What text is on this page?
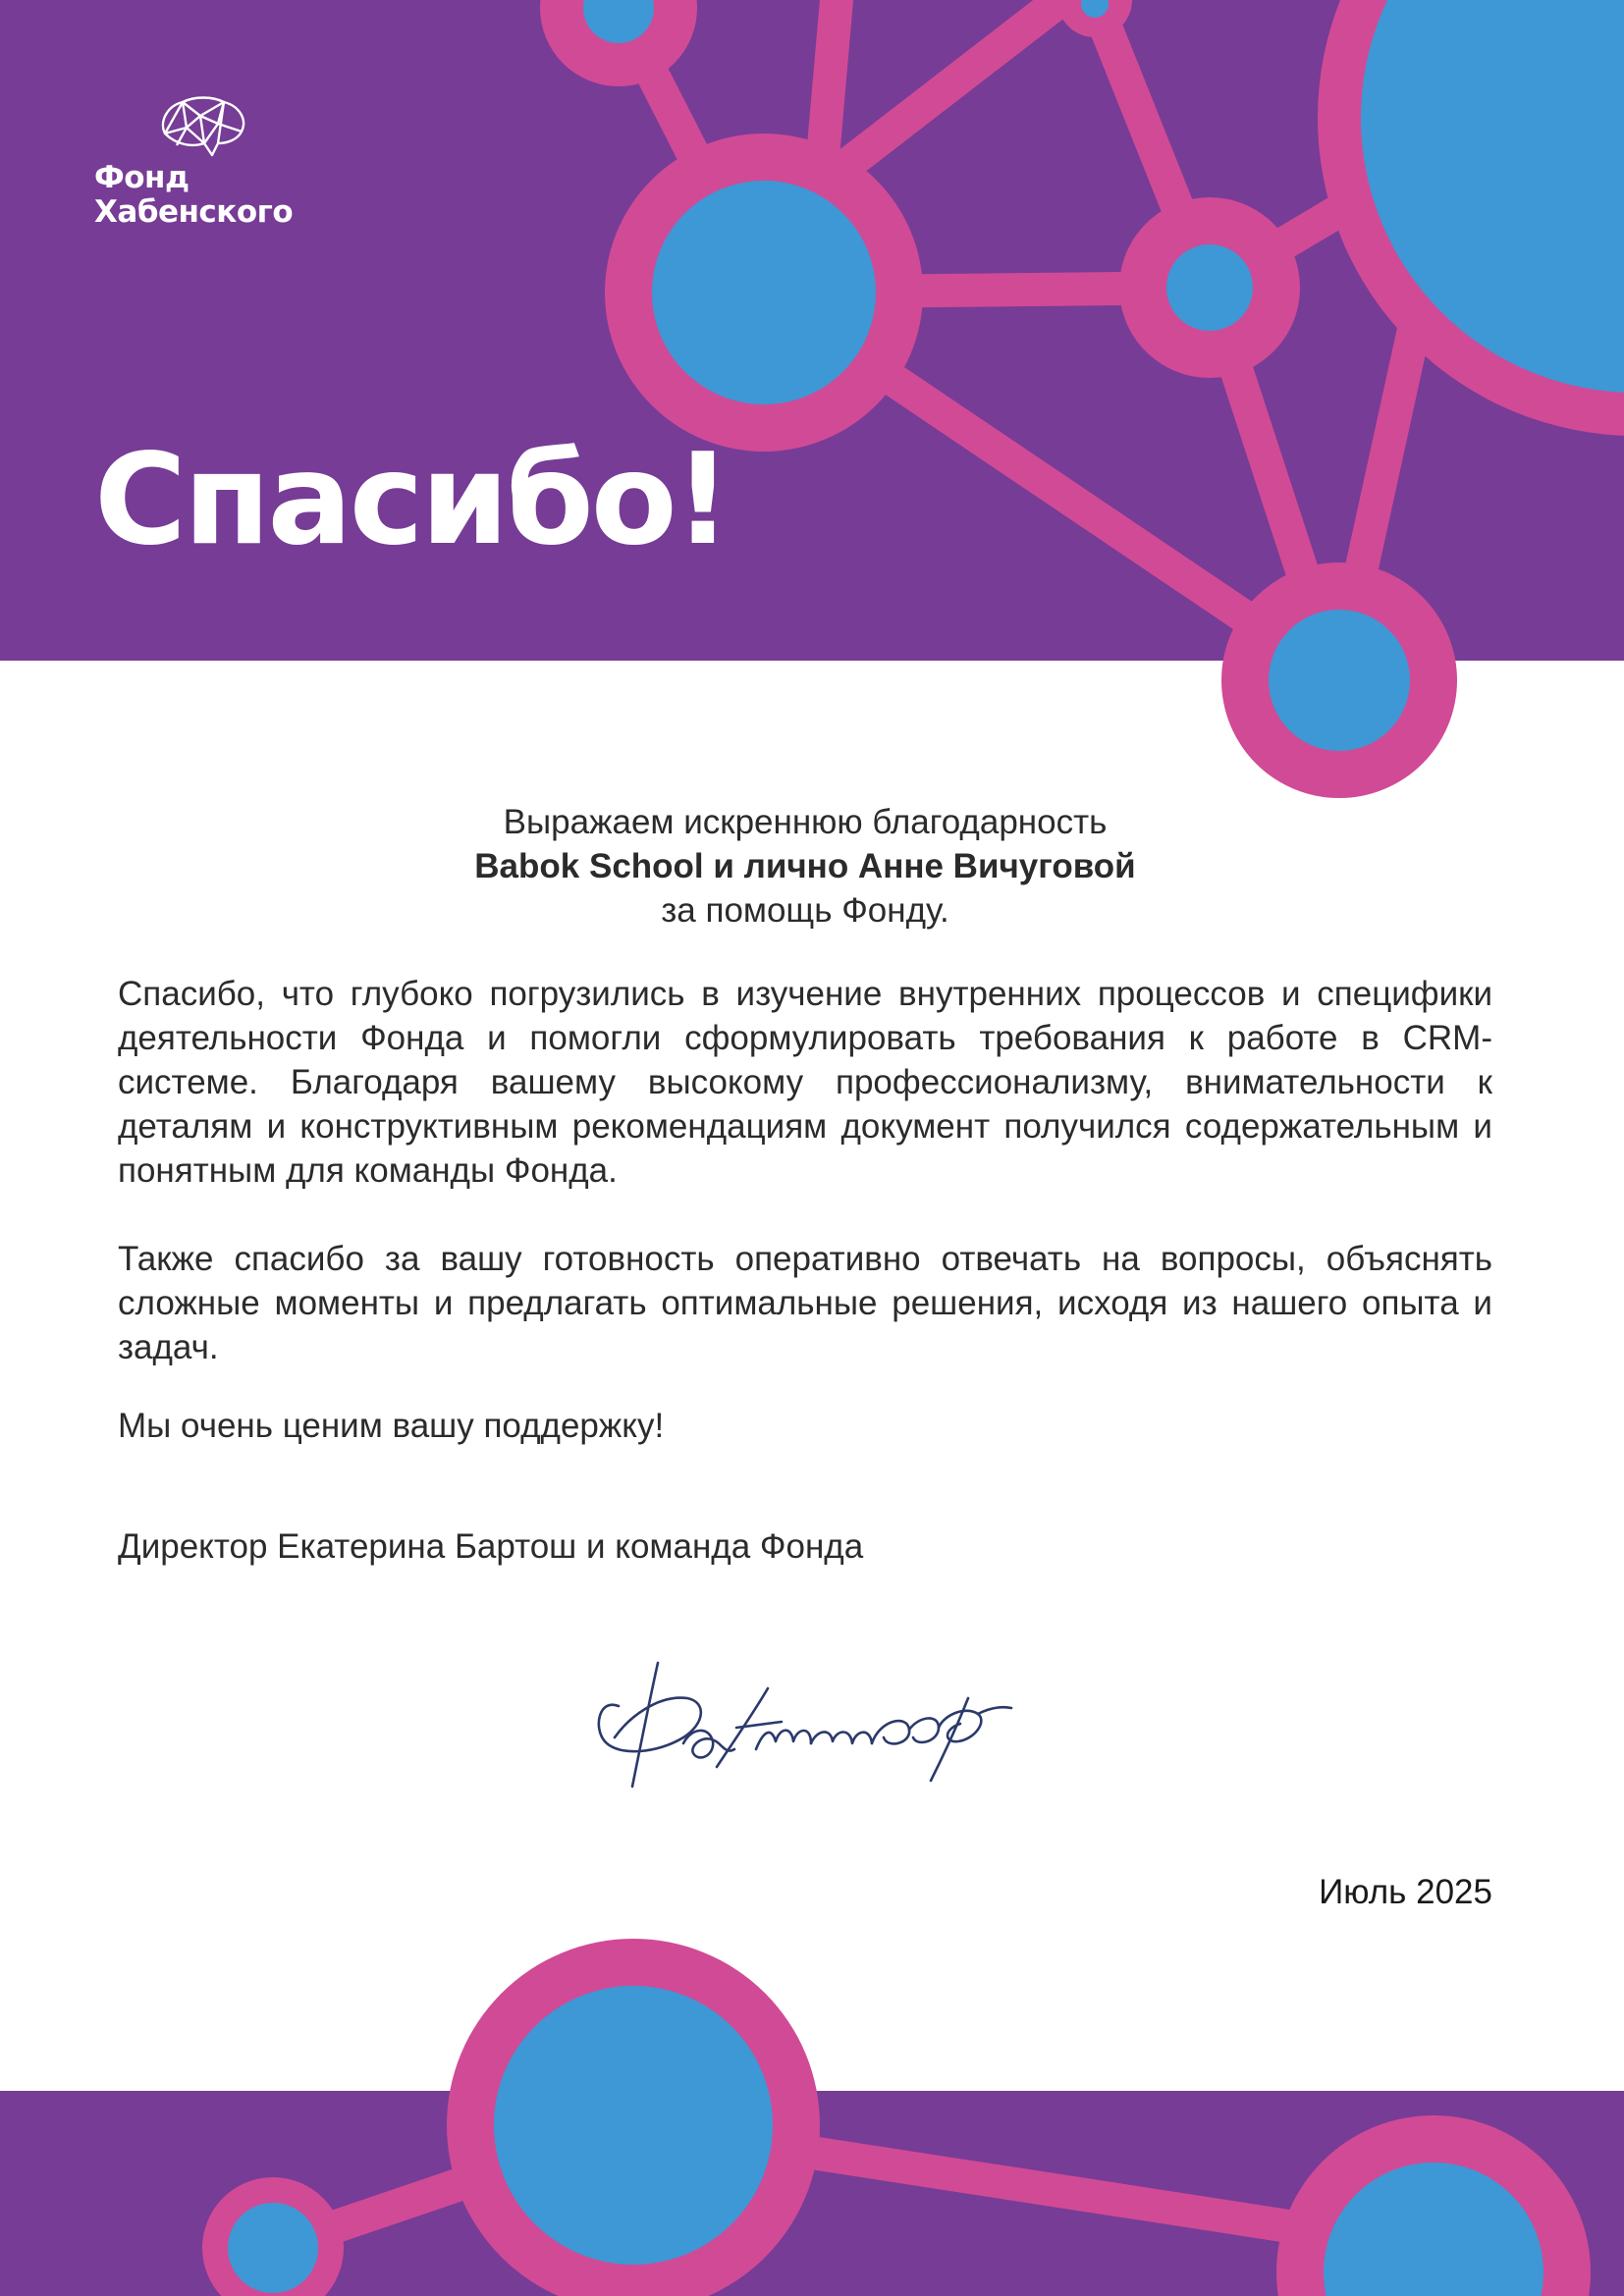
Фонд
Хабенского
Спасибо!
Выражаем искреннюю благодарность
Babok School и лично Анне Вичуговой
за помощь Фонду.
Спасибо, что глубоко погрузились в изучение внутренних процессов и специфики деятельности Фонда и помогли сформулировать требования к работе в CRM-системе. Благодаря вашему высокому профессионализму, внимательности к деталям и конструктивным рекомендациям документ получился содержательным и понятным для команды Фонда.
Также спасибо за вашу готовность оперативно отвечать на вопросы, объяснять сложные моменты и предлагать оптимальные решения, исходя из нашего опыта и задач.
Мы очень ценим вашу поддержку!
Директор Екатерина Бартош и команда Фонда
Июль 2025
